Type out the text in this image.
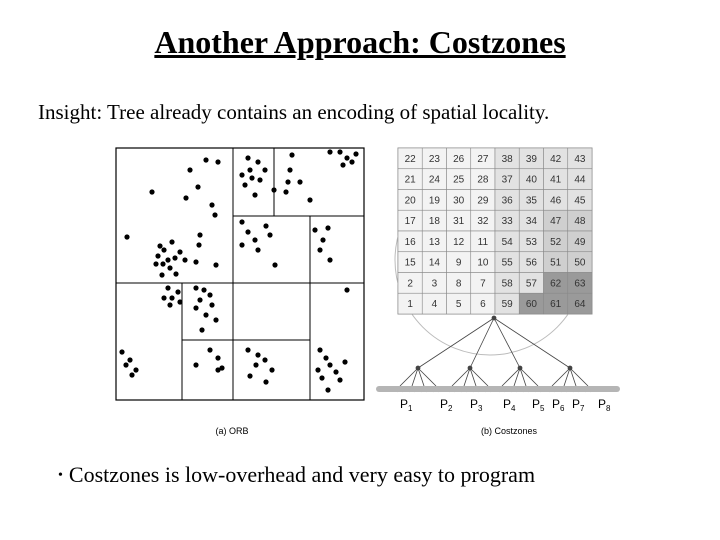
Another Approach: Costzones
Insight: Tree already contains an encoding of spatial locality.
22 23 26 27 38 39 42 43
21 24 25 28 37 40 41 44
20 19 30 29 36 35 46 45
17 18 31 32 33 34 47 48
16 13 12 11 54 53 52 49
15 14 9 10 55 56 51 50
2 3 8 7 58 57 62 63
1 4 5 6 59 60 61 64
$P_1$ $P_2$ $P_3$ $P_4$ $P_5$ $P_6$ $P_7$ $P_8$
(a) ORB	(b) Costzones
• Costzones is low-overhead and very easy to program
